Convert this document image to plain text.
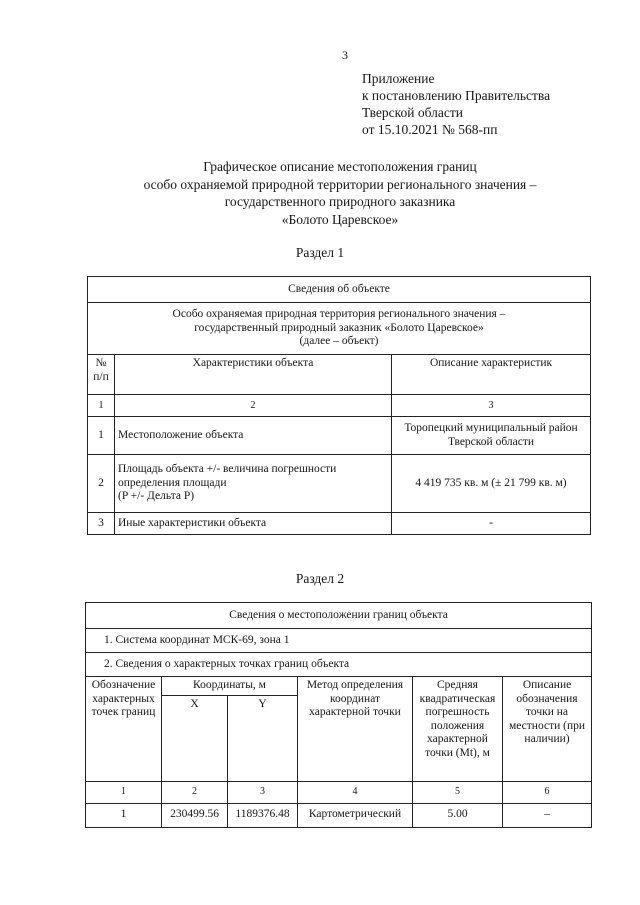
3
Приложение
к постановлению Правительства
Тверской области
от 15.10.2021 № 568-пп
Графическое описание местоположения границ
особо охраняемой природной территории регионального значения –
государственного природного заказника
«Болото Царевское»
Раздел 1
Сведения об объекте		

Особо охраняемая природная территория регионального значения –
государственный природный заказник «Болото Царевское»
(далее – объект)		

№
п/п	Характеристики объекта	Описание характеристик
1	2	3
1	Местоположение объекта	Торопецкий муниципальный район
Тверской области

2	Площадь объекта +/- величина погрешности
определения площади
(P +/- Дельта P)	4 419 735 кв. м (± 21 799 кв. м)
3	Иные характеристики объекта	-
Раздел 2
Сведения о местоположении границ объекта					
1. Система координат МСК-69, зона 1					
2. Сведения о характерных точках границ объекта					
Обозначение характерных точек границ	Координаты, м		Метод определения координат характерной точки	Средняя квадратическая погрешность положения характерной точки (Mt), м	Описание обозначения точки на местности (при наличии)
	X	Y			
1	2	3	4	5	6
1	230499.56	1189376.48	Картометрический	5.00	–
